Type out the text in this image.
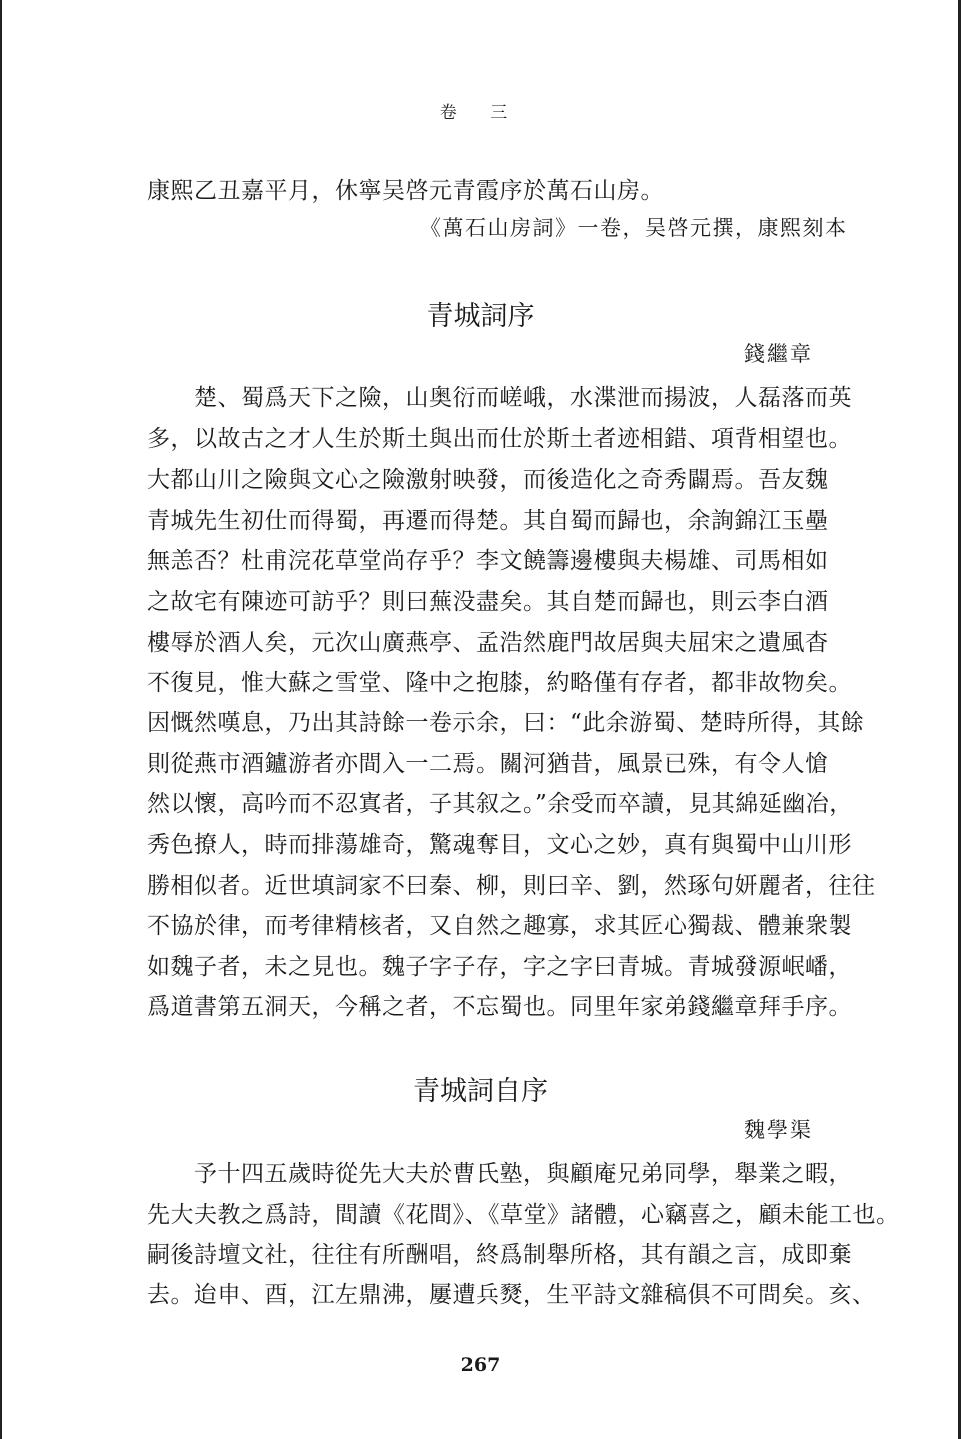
卷 三
康熙乙丑嘉平月，休寧吴啓元青霞序於萬石山房。
《萬石山房詞》一卷，吴啓元撰，康熙刻本
青城詞序
錢繼章
　　楚、蜀爲天下之險，山奥衍而嵯峨，水渫泄而揚波，人磊落而英
多，以故古之才人生於斯土與出而仕於斯土者迹相錯、項背相望也。
大都山川之險與文心之險激射映發，而後造化之奇秀闢焉。吾友魏
青城先生初仕而得蜀，再遷而得楚。其自蜀而歸也，余詢錦江玉壘
無恙否？杜甫浣花草堂尚存乎？李文饒籌邊樓與夫楊雄、司馬相如
之故宅有陳迹可訪乎？則曰蕪没盡矣。其自楚而歸也，則云李白酒
樓辱於酒人矣，元次山廣燕亭、孟浩然鹿門故居與夫屈宋之遺風杳
不復見，惟大蘇之雪堂、隆中之抱膝，約略僅有存者，都非故物矣。
因慨然嘆息，乃出其詩餘一卷示余，曰：“此余游蜀、楚時所得，其餘
則從燕市酒鑪游者亦間入一二焉。關河猶昔，風景已殊，有令人愴
然以懷，高吟而不忍寘者，子其叙之。”余受而卒讀，見其綿延幽冶，
秀色撩人，時而排蕩雄奇，驚魂奪目，文心之妙，真有與蜀中山川形
勝相似者。近世填詞家不曰秦、柳，則曰辛、劉，然琢句妍麗者，往往
不協於律，而考律精核者，又自然之趣寡，求其匠心獨裁、體兼衆製
如魏子者，未之見也。魏子字子存，字之字曰青城。青城發源岷嶓，
爲道書第五洞天，今稱之者，不忘蜀也。同里年家弟錢繼章拜手序。
青城詞自序
魏學渠
　　予十四五歲時從先大夫於曹氏塾，與顧庵兄弟同學，舉業之暇，
先大夫教之爲詩，間讀《花間》、《草堂》諸體，心竊喜之，顧未能工也。
嗣後詩壇文社，往往有所酬唱，終爲制舉所格，其有韻之言，成即棄
去。迨申、酉，江左鼎沸，屢遭兵燹，生平詩文雜稿俱不可問矣。亥、
267
